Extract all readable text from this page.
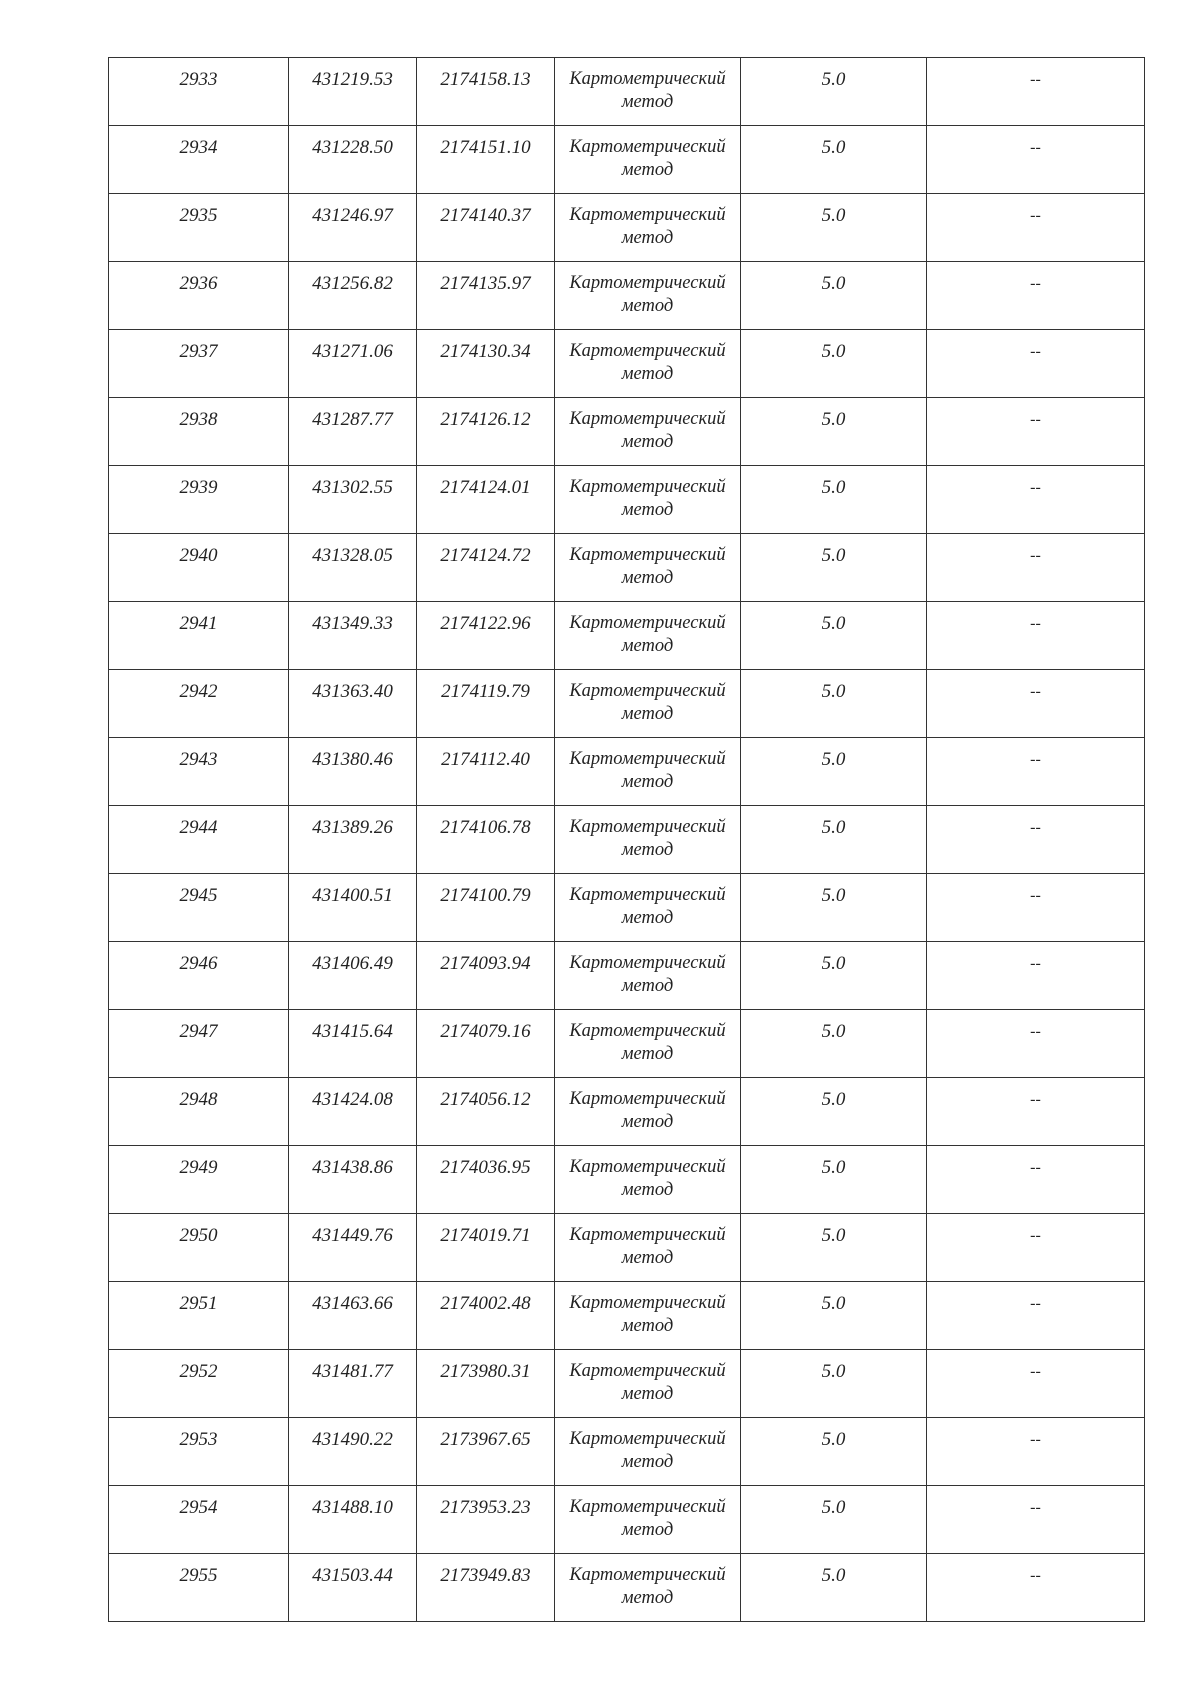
2933	431219.53	2174158.13	Картометрический
метод	5.0	--

2934	431228.50	2174151.10	Картометрический
метод	5.0	--

2935	431246.97	2174140.37	Картометрический
метод	5.0	--

2936	431256.82	2174135.97	Картометрический
метод	5.0	--

2937	431271.06	2174130.34	Картометрический
метод	5.0	--

2938	431287.77	2174126.12	Картометрический
метод	5.0	--

2939	431302.55	2174124.01	Картометрический
метод	5.0	--

2940	431328.05	2174124.72	Картометрический
метод	5.0	--

2941	431349.33	2174122.96	Картометрический
метод	5.0	--

2942	431363.40	2174119.79	Картометрический
метод	5.0	--

2943	431380.46	2174112.40	Картометрический
метод	5.0	--

2944	431389.26	2174106.78	Картометрический
метод	5.0	--

2945	431400.51	2174100.79	Картометрический
метод	5.0	--

2946	431406.49	2174093.94	Картометрический
метод	5.0	--

2947	431415.64	2174079.16	Картометрический
метод	5.0	--

2948	431424.08	2174056.12	Картометрический
метод	5.0	--

2949	431438.86	2174036.95	Картометрический
метод	5.0	--

2950	431449.76	2174019.71	Картометрический
метод	5.0	--

2951	431463.66	2174002.48	Картометрический
метод	5.0	--

2952	431481.77	2173980.31	Картометрический
метод	5.0	--

2953	431490.22	2173967.65	Картометрический
метод	5.0	--

2954	431488.10	2173953.23	Картометрический
метод	5.0	--

2955	431503.44	2173949.83	Картометрический
метод	5.0	--
